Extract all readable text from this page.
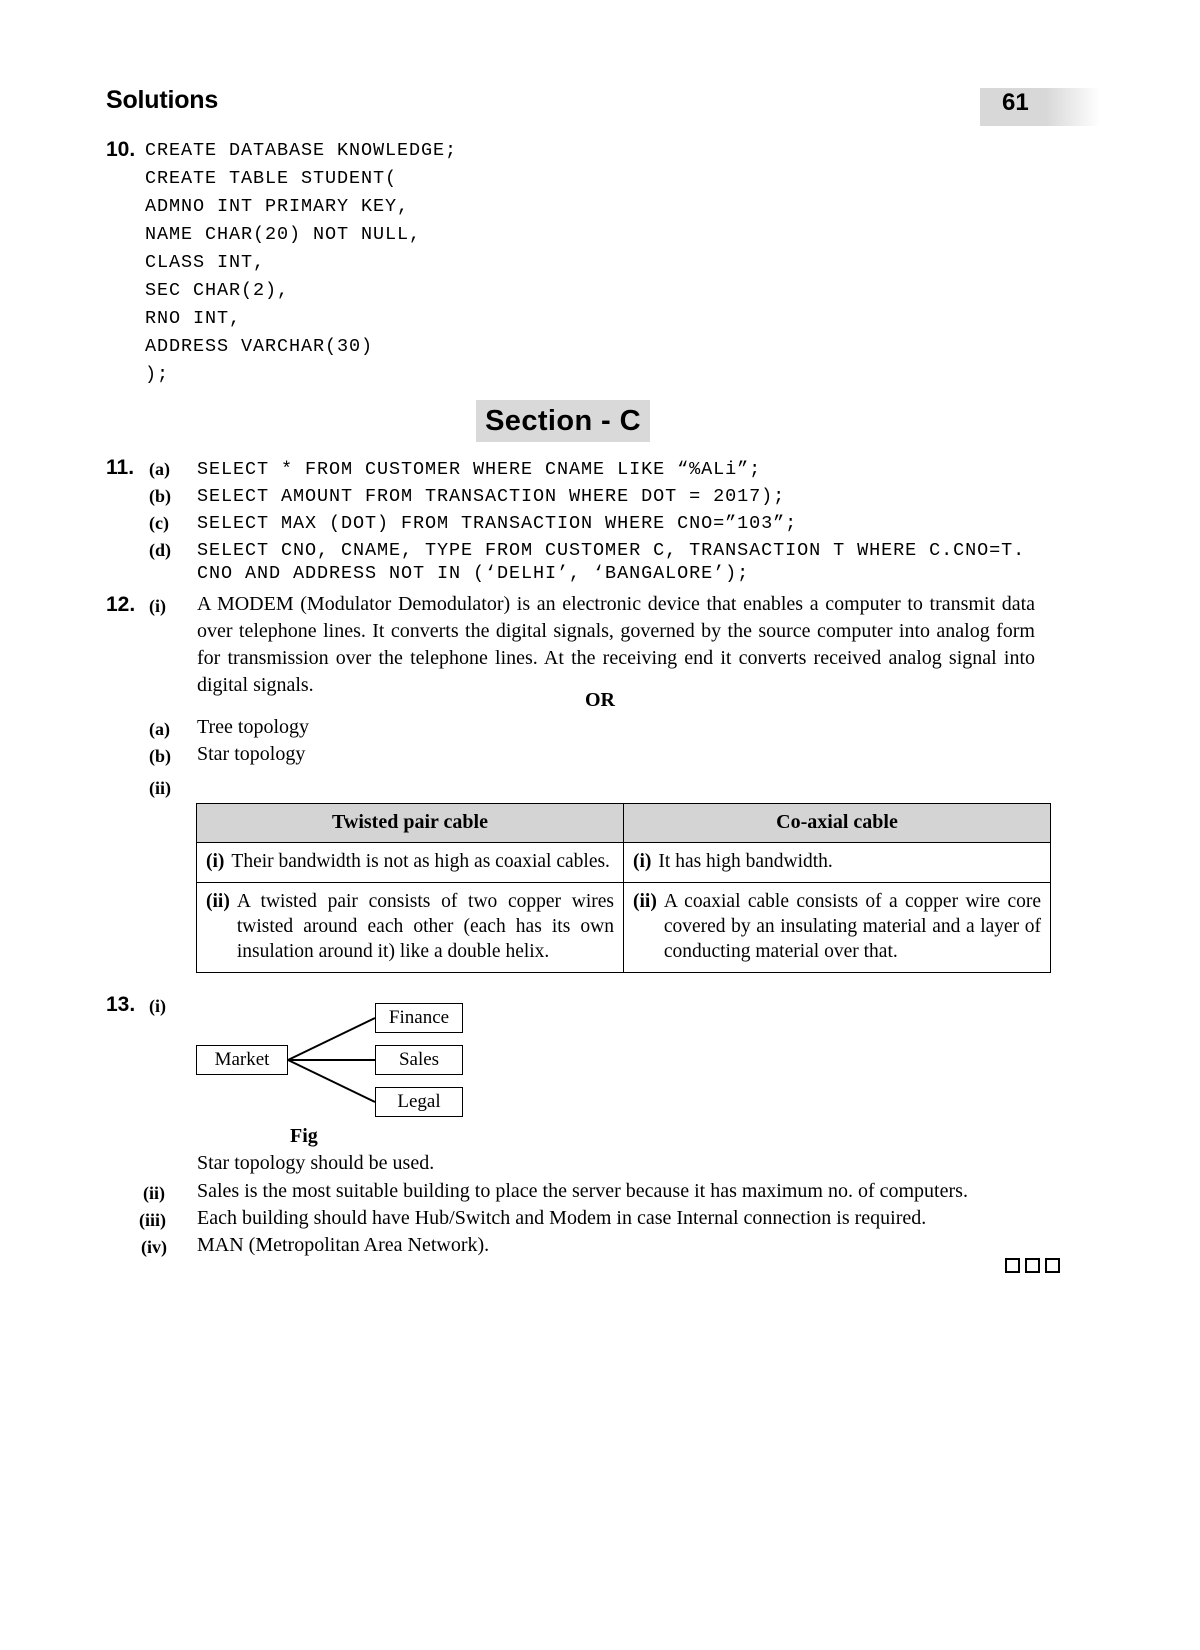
Solutions	61
10. CREATE DATABASE KNOWLEDGE;
CREATE TABLE STUDENT(
ADMNO INT PRIMARY KEY,
NAME CHAR(20) NOT NULL,
CLASS INT,
SEC CHAR(2),
RNO INT,
ADDRESS VARCHAR(30)
);
Section - C
11. (a) SELECT * FROM CUSTOMER WHERE CNAME LIKE “%ALi”;
(b) SELECT AMOUNT FROM TRANSACTION WHERE DOT = 2017);
(c) SELECT MAX (DOT) FROM TRANSACTION WHERE CNO=”103”;
(d) SELECT CNO, CNAME, TYPE FROM CUSTOMER C, TRANSACTION T WHERE C.CNO=T.
CNO AND ADDRESS NOT IN (‘DELHI’, ‘BANGALORE’);
12. (i) A MODEM (Modulator Demodulator) is an electronic device that enables a computer to transmit data over telephone lines. It converts the digital signals, governed by the source computer into analog form for transmission over the telephone lines. At the receiving end it converts received analog signal into digital signals.
OR
(a) Tree topology
(b) Star topology
(ii)
Twisted pair cable	Co-axial cable

(i) Their bandwidth is not as high as coaxial cables.	(i) It has high bandwidth.

(ii) A twisted pair consists of two copper wires twisted around each other (each has its own insulation around it) like a double helix.	(ii) A coaxial cable consists of a copper wire core covered by an insulating material and a layer of conducting material over that.
13. (i)
Market
Finance
Sales
Legal
Fig
Star topology should be used.
(ii) Sales is the most suitable building to place the server because it has maximum no. of computers.
(iii) Each building should have Hub/Switch and Modem in case Internal connection is required.
(iv) MAN (Metropolitan Area Network).
